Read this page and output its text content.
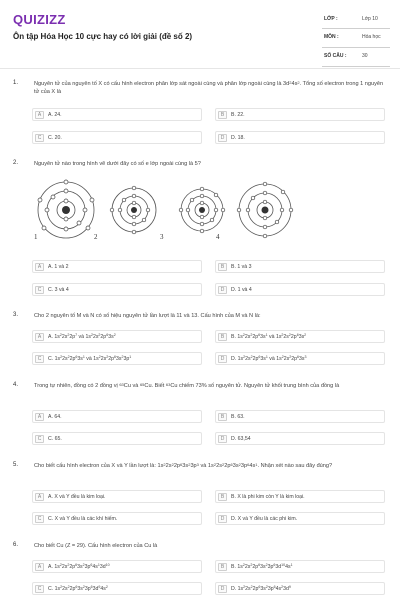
QUIZIZZ
Ôn tập Hóa Học 10 cực hay có lời giải (đề số 2)
LỚP :	Lớp 10
MÔN :	Hóa học
SỐ CÂU :	30
1.	Nguyên tử của nguyên tố X có cấu hình electron phân lớp sát ngoài cùng và phân lớp ngoài cùng là $3d^24s^2$. Tổng số electron trong 1 nguyên tử của X là
A	A. 24.	B	B. 22.
C	C. 20.	D	D. 18.
2.	Nguyên tử nào trong hình vẽ dưới đây có số e lớp ngoài cùng là 5?
1	2	3	4
A	A. 1 và 2	B	B. 1 và 3
C	C. 3 và 4	D	D. 1 và 4
3.	Cho 2 nguyên tố M và N có số hiệu nguyên tử lần lượt là 11 và 13. Cấu hình của M và N là:
A	A. $1s^22s^22p^7$ và $1s^22s^22p^63s^2$	B	B. $1s^22s^22p^63s^1$ và $1s^22s^22p^63s^2$
C	C. $1s^22s^22p^63s^1$ và $1s^22s^22p^63s^23p^1$	D	D. $1s^22s^22p^63s^1$ và $1s^22s^22p^63s^3$
4.	Trong tự nhiên, đồng có 2 đồng vị $^{63}$Cu và $^{65}$Cu. Biết $^{63}$Cu chiếm 73% số nguyên tử. Nguyên tử khối trung bình của đồng là
A	A. 64.	B	B. 63.
C	C. 65.	D	D. 63,54
5.	Cho biết cấu hình electron của X và Y lần lượt là: $1s^22s^22p^63s^23p^3$ và $1s^22s^22p^63s^23p^64s^1$. Nhận xét nào sau đây đúng?
A	A. X và Y đều là kim loại.	B	B. X là phi kim còn Y là kim loại.
C	C. X và Y đều là các khí hiếm.	D	D. X và Y đều là các phi kim.
6.	Cho biết Cu (Z = 29). Cấu hình electron của Cu là
A	A. $1s^22s^22p^63s^23p^64s^13d^{10}$	B	B. $1s^22s^22p^63s^23p^63d^{10}4s^1$
C	C. $1s^22s^22p^63s^23p^63d^94s^2$	D	D. $1s^22s^22p^63s^23p^64s^23d^9$
